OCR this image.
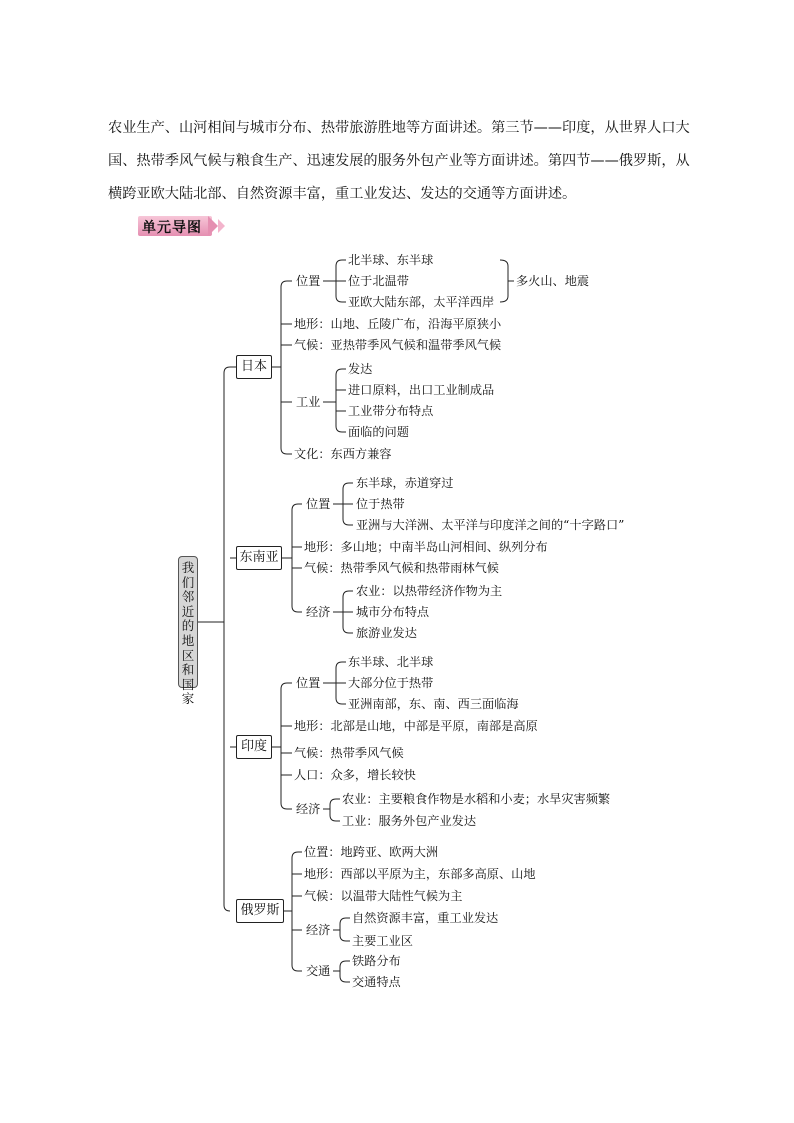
农业生产、山河相间与城市分布、热带旅游胜地等方面讲述。第三节——印度，从世界人口大
国、热带季风气候与粮食生产、迅速发展的服务外包产业等方面讲述。第四节——俄罗斯，从
横跨亚欧大陆北部、自然资源丰富，重工业发达、发达的交通等方面讲述。
单元导图
我
们
邻
近
的
地
区
和
国
家
日本
东南亚
印度
俄罗斯
位置
北半球、东半球
位于北温带
亚欧大陆东部，太平洋西岸
多火山、地震
地形：山地、丘陵广布，沿海平原狭小
气候：亚热带季风气候和温带季风气候
工业
发达
进口原料，出口工业制成品
工业带分布特点
面临的问题
文化：东西方兼容
位置
东半球，赤道穿过
位于热带
亚洲与大洋洲、太平洋与印度洋之间的“十字路口”
地形：多山地；中南半岛山河相间、纵列分布
气候：热带季风气候和热带雨林气候
经济
农业：以热带经济作物为主
城市分布特点
旅游业发达
位置
东半球、北半球
大部分位于热带
亚洲南部，东、南、西三面临海
地形：北部是山地，中部是平原，南部是高原
气候：热带季风气候
人口：众多，增长较快
经济
农业：主要粮食作物是水稻和小麦；水旱灾害频繁
工业：服务外包产业发达
位置：地跨亚、欧两大洲
地形：西部以平原为主，东部多高原、山地
气候：以温带大陆性气候为主
经济
自然资源丰富，重工业发达
主要工业区
交通
铁路分布
交通特点
